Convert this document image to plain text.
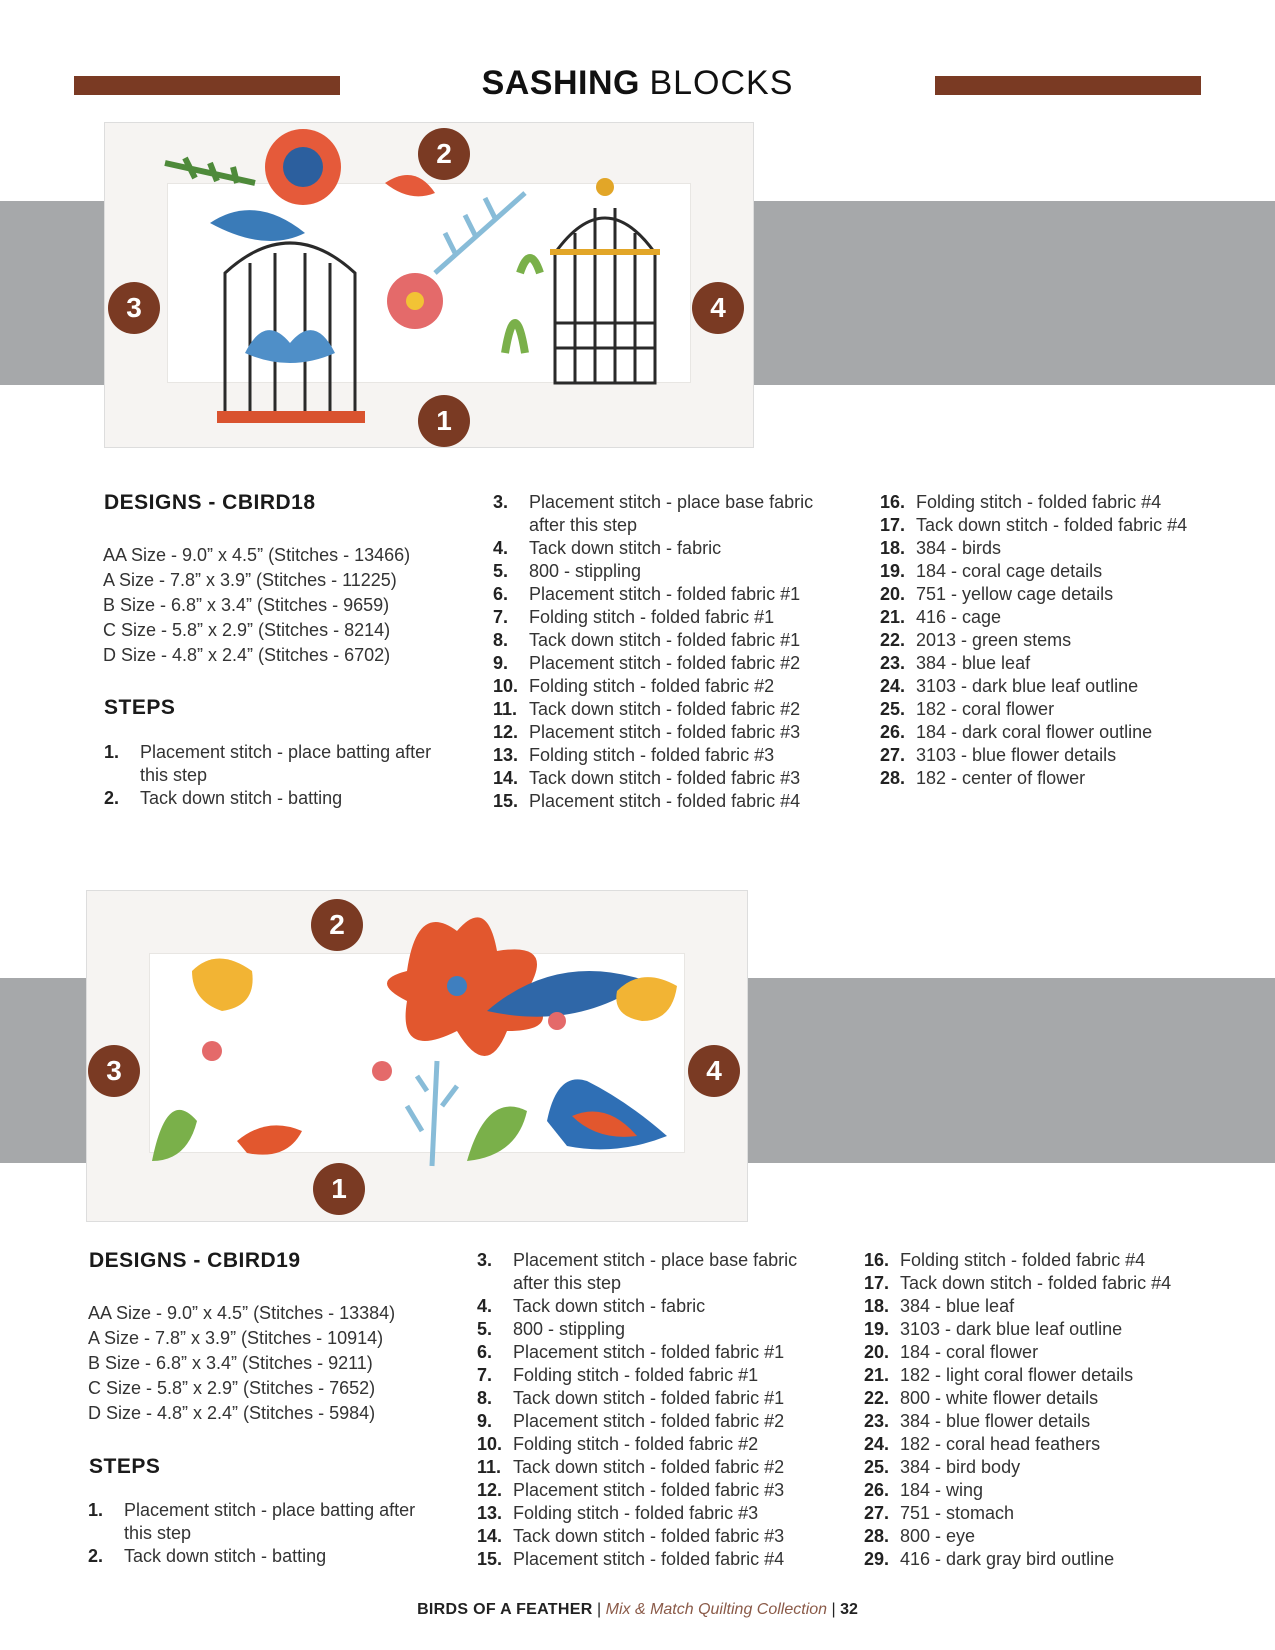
SASHING BLOCKS
2
3	4
1
DESIGNS - CBIRD18
AA Size - 9.0” x 4.5” (Stitches - 13466)
A Size - 7.8” x 3.9” (Stitches - 11225)
B Size - 6.8” x 3.4” (Stitches - 9659)
C Size - 5.8” x 2.9” (Stitches - 8214)
D Size - 4.8” x 2.4” (Stitches - 6702)
STEPS
1. Placement stitch - place batting after this step
2. Tack down stitch - batting
3. Placement stitch - place base fabric after this step
4. Tack down stitch - fabric
5. 800 - stippling
6. Placement stitch - folded fabric #1
7. Folding stitch - folded fabric #1
8. Tack down stitch - folded fabric #1
9. Placement stitch - folded fabric #2
10. Folding stitch - folded fabric #2
11. Tack down stitch - folded fabric #2
12. Placement stitch - folded fabric #3
13. Folding stitch - folded fabric #3
14. Tack down stitch - folded fabric #3
15. Placement stitch - folded fabric #4
16. Folding stitch - folded fabric #4
17. Tack down stitch - folded fabric #4
18. 384 - birds
19. 184 - coral cage details
20. 751 - yellow cage details
21. 416 - cage
22. 2013 - green stems
23. 384 - blue leaf
24. 3103 - dark blue leaf outline
25. 182 - coral flower
26. 184 - dark coral flower outline
27. 3103 - blue flower details
28. 182 - center of flower
2
3	4
1
DESIGNS - CBIRD19
AA Size - 9.0” x 4.5” (Stitches - 13384)
A Size - 7.8” x 3.9” (Stitches - 10914)
B Size - 6.8” x 3.4” (Stitches - 9211)
C Size - 5.8” x 2.9” (Stitches - 7652)
D Size - 4.8” x 2.4” (Stitches - 5984)
STEPS
1. Placement stitch - place batting after this step
2. Tack down stitch - batting
3. Placement stitch - place base fabric after this step
4. Tack down stitch - fabric
5. 800 - stippling
6. Placement stitch - folded fabric #1
7. Folding stitch - folded fabric #1
8. Tack down stitch - folded fabric #1
9. Placement stitch - folded fabric #2
10. Folding stitch - folded fabric #2
11. Tack down stitch - folded fabric #2
12. Placement stitch - folded fabric #3
13. Folding stitch - folded fabric #3
14. Tack down stitch - folded fabric #3
15. Placement stitch - folded fabric #4
16. Folding stitch - folded fabric #4
17. Tack down stitch - folded fabric #4
18. 384 - blue leaf
19. 3103 - dark blue leaf outline
20. 184 - coral flower
21. 182 - light coral flower details
22. 800 - white flower details
23. 384 - blue flower details
24. 182 - coral head feathers
25. 384 - bird body
26. 184 - wing
27. 751 - stomach
28. 800 - eye
29. 416 - dark gray bird outline
BIRDS OF A FEATHER | Mix & Match Quilting Collection | 32
